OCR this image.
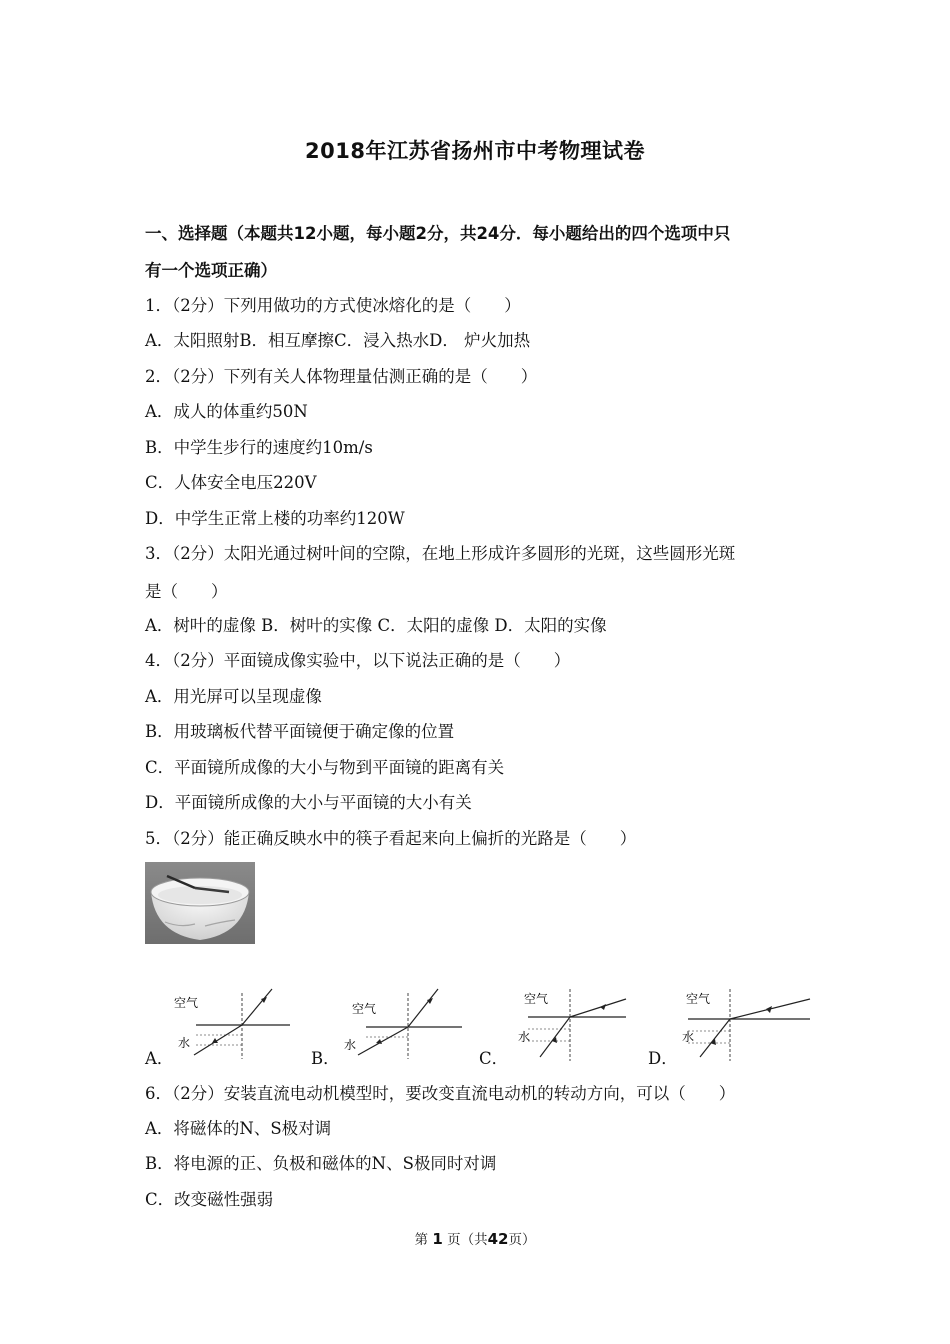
2018年江苏省扬州市中考物理试卷
一、选择题（本题共12小题，每小题2分，共24分．每小题给出的四个选项中只
有一个选项正确）
1．（2分）下列用做功的方式使冰熔化的是（　　）
A．太阳照射B．相互摩擦C．浸入热水D． 炉火加热
2．（2分）下列有关人体物理量估测正确的是（　　）
A．成人的体重约50N
B．中学生步行的速度约10m/s
C．人体安全电压220V
D．中学生正常上楼的功率约120W
3．（2分）太阳光通过树叶间的空隙，在地上形成许多圆形的光斑，这些圆形光斑
是（　　）
A．树叶的虚像 B．树叶的实像 C．太阳的虚像 D．太阳的实像
4．（2分）平面镜成像实验中，以下说法正确的是（　　）
A．用光屏可以呈现虚像
B．用玻璃板代替平面镜便于确定像的位置
C．平面镜所成像的大小与物到平面镜的距离有关
D．平面镜所成像的大小与平面镜的大小有关
5．（2分）能正确反映水中的筷子看起来向上偏折的光路是（　　）
空气
水
A．
空气
水
B．
空气
水
C．
空气
水
D．
6．（2分）安装直流电动机模型时，要改变直流电动机的转动方向，可以（　　）
A．将磁体的N、S极对调
B．将电源的正、负极和磁体的N、S极同时对调
C．改变磁性强弱
第 1 页（共42页）
